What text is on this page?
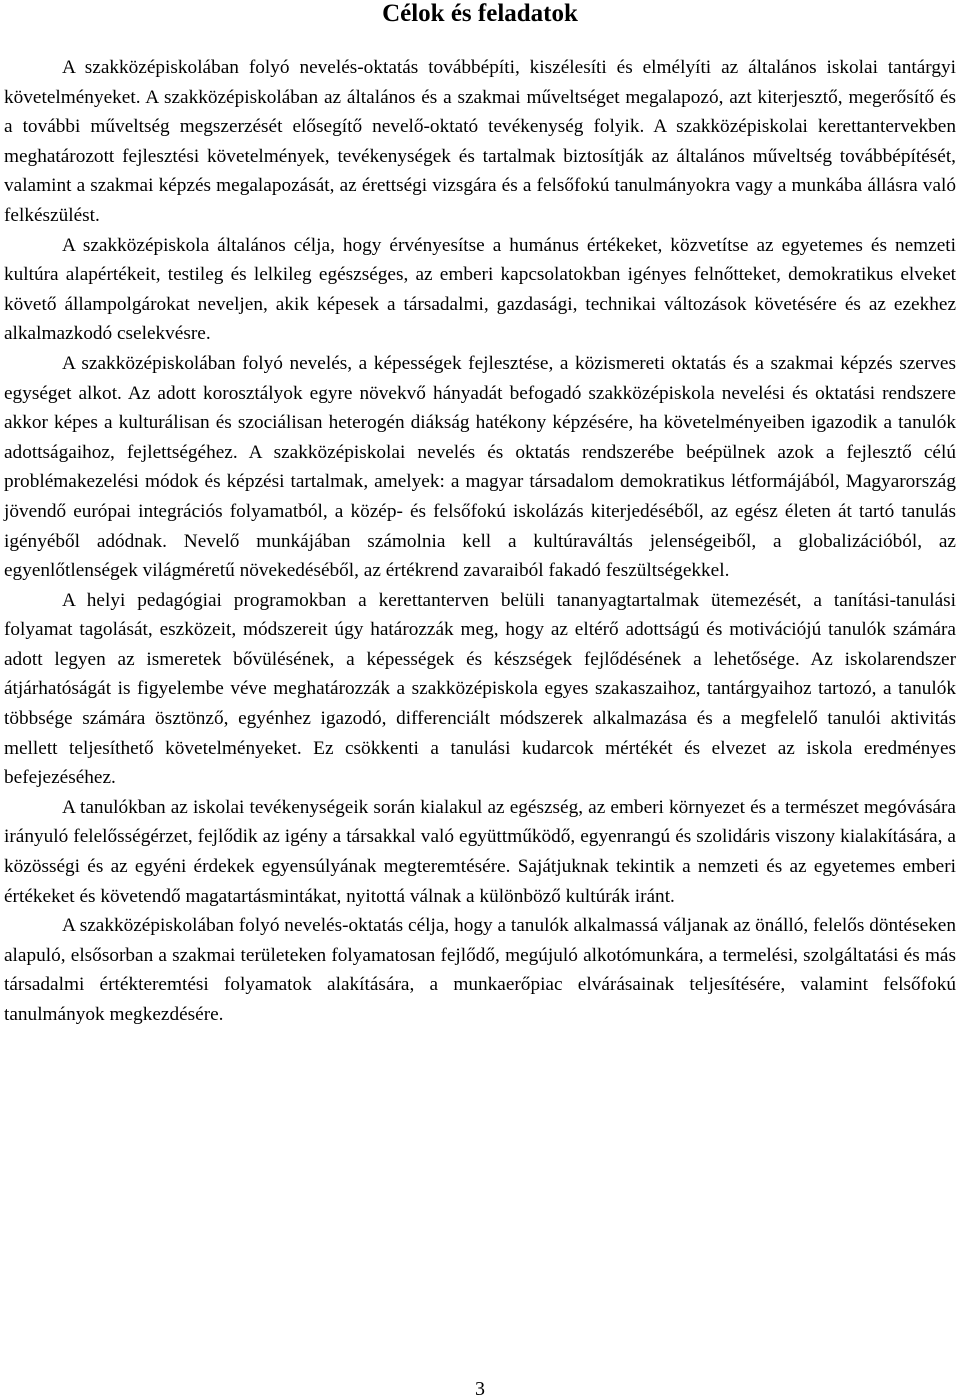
Célok és feladatok

A szakközépiskolában folyó nevelés-oktatás továbbépíti, kiszélesíti és elmélyíti az általános iskolai tantárgyi követelményeket. A szakközépiskolában az általános és a szakmai műveltséget megalapozó, azt kiterjesztő, megerősítő és a további műveltség megszerzését elősegítő nevelő-oktató tevékenység folyik. A szakközépiskolai kerettantervekben meghatározott fejlesztési követelmények, tevékenységek és tartalmak biztosítják az általános műveltség továbbépítését, valamint a szakmai képzés megalapozását, az érettségi vizsgára és a felsőfokú tanulmányokra vagy a munkába állásra való felkészülést.

A szakközépiskola általános célja, hogy érvényesítse a humánus értékeket, közvetítse az egyetemes és nemzeti kultúra alapértékeit, testileg és lelkileg egészséges, az emberi kapcsolatokban igényes felnőtteket, demokratikus elveket követő állampolgárokat neveljen, akik képesek a társadalmi, gazdasági, technikai változások követésére és az ezekhez alkalmazkodó cselekvésre.

A szakközépiskolában folyó nevelés, a képességek fejlesztése, a közismereti oktatás és a szakmai képzés szerves egységet alkot. Az adott korosztályok egyre növekvő hányadát befogadó szakközépiskola nevelési és oktatási rendszere akkor képes a kulturálisan és szociálisan heterogén diákság hatékony képzésére, ha követelményeiben igazodik a tanulók adottságaihoz, fejlettségéhez. A szakközépiskolai nevelés és oktatás rendszerébe beépülnek azok a fejlesztő célú problémakezelési módok és képzési tartalmak, amelyek: a magyar társadalom demokratikus létformájából, Magyarország jövendő európai integrációs folyamatból, a közép- és felsőfokú iskolázás kiterjedéséből, az egész életen át tartó tanulás igényéből adódnak. Nevelő munkájában számolnia kell a kultúraváltás jelenségeiből, a globalizációból, az egyenlőtlenségek világméretű növekedéséből, az értékrend zavaraiból fakadó feszültségekkel.

A helyi pedagógiai programokban a kerettanterven belüli tananyagtartalmak ütemezését, a tanítási-tanulási folyamat tagolását, eszközeit, módszereit úgy határozzák meg, hogy az eltérő adottságú és motivációjú tanulók számára adott legyen az ismeretek bővülésének, a képességek és készségek fejlődésének a lehetősége. Az iskolarendszer átjárhatóságát is figyelembe véve meghatározzák a szakközépiskola egyes szakaszaihoz, tantárgyaihoz tartozó, a tanulók többsége számára ösztönző, egyénhez igazodó, differenciált módszerek alkalmazása és a megfelelő tanulói aktivitás mellett teljesíthető követelményeket. Ez csökkenti a tanulási kudarcok mértékét és elvezet az iskola eredményes befejezéséhez.

A tanulókban az iskolai tevékenységeik során kialakul az egészség, az emberi környezet és a természet megóvására irányuló felelősségérzet, fejlődik az igény a társakkal való együttműködő, egyenrangú és szolidáris viszony kialakítására, a közösségi és az egyéni érdekek egyensúlyának megteremtésére. Sajátjuknak tekintik a nemzeti és az egyetemes emberi értékeket és követendő magatartásmintákat, nyitottá válnak a különböző kultúrák iránt.

A szakközépiskolában folyó nevelés-oktatás célja, hogy a tanulók alkalmassá váljanak az önálló, felelős döntéseken alapuló, elsősorban a szakmai területeken folyamatosan fejlődő, megújuló alkotómunkára, a termelési, szolgáltatási és más társadalmi értékteremtési folyamatok alakítására, a munkaerőpiac elvárásainak teljesítésére, valamint felsőfokú tanulmányok megkezdésére.

3
